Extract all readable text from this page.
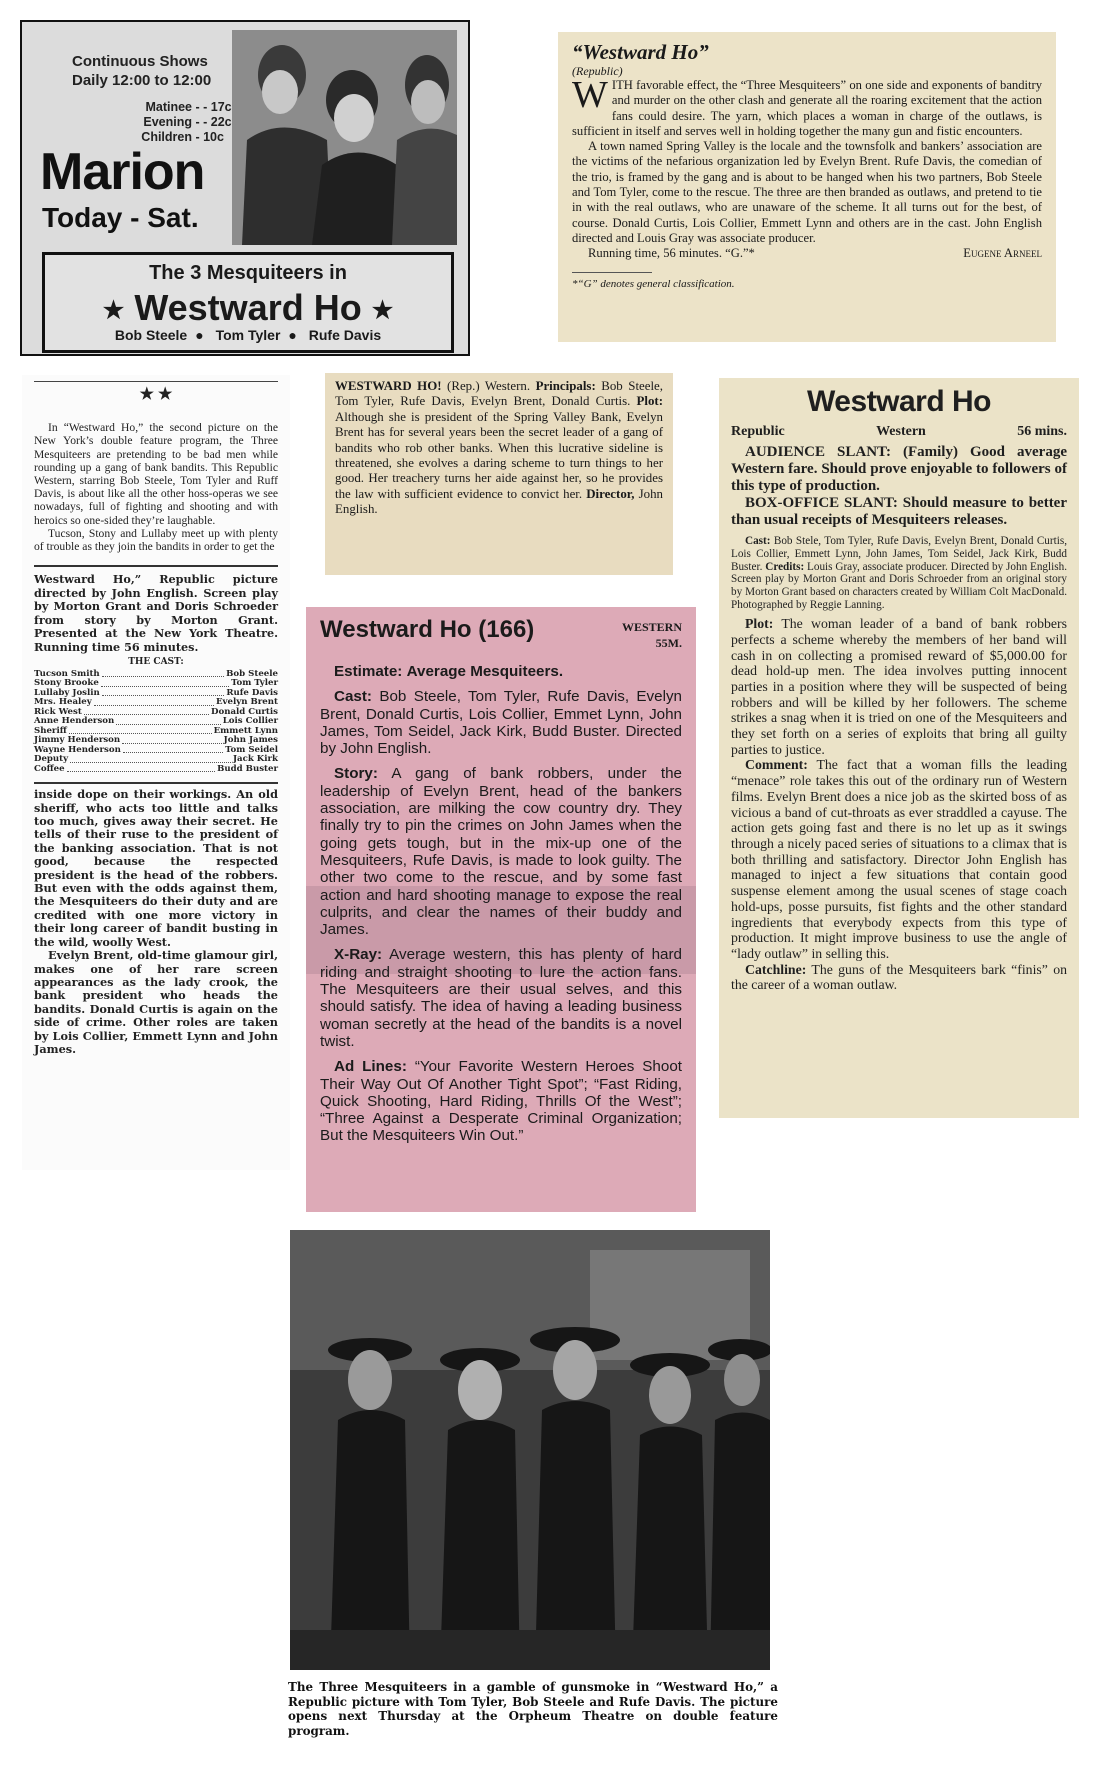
Continuous Shows
Daily 12:00 to 12:00
Matinee - - 17c
Evening - - 22c
Children - 10c
Marion
Today - Sat.
The 3 Mesquiteers in
★ Westward Ho ★
Bob Steele ● Tom Tyler ● Rufe Davis
“Westward Ho”
(Republic)

WITH favorable effect, the “Three Mesquiteers” on one side and exponents of banditry and murder on the other clash and generate all the roaring excitement that the action fans could desire. The yarn, which places a woman in charge of the outlaws, is sufficient in itself and serves well in holding together the many gun and fistic encounters.

A town named Spring Valley is the locale and the townsfolk and bankers’ association are the victims of the nefarious organization led by Evelyn Brent. Rufe Davis, the comedian of the trio, is framed by the gang and is about to be hanged when his two partners, Bob Steele and Tom Tyler, come to the rescue. The three are then branded as outlaws, and pretend to tie in with the real outlaws, who are unaware of the scheme. It all turns out for the best, of course. Donald Curtis, Lois Collier, Emmett Lynn and others are in the cast. John English directed and Louis Gray was associate producer.

Running time, 56 minutes. “G.”*	Eugene Arneel

*“G” denotes general classification.
★ ★

In “Westward Ho,” the second picture on the New York’s double feature program, the Three Mesquiteers are pretending to be bad men while rounding up a gang of bank bandits. This Republic Western, starring Bob Steele, Tom Tyler and Ruff Davis, is about like all the other hoss-operas we see nowadays, full of fighting and shooting and with heroics so one-sided they’re laughable.

Tucson, Stony and Lullaby meet up with plenty of trouble as they join the bandits in order to get the

Westward Ho,” Republic picture directed by John English. Screen play by Morton Grant and Doris Schroeder from story by Morton Grant. Presented at the New York Theatre. Running time 56 minutes.

THE CAST:
Tucson Smith	Bob Steele
Stony Brooke	Tom Tyler
Lullaby Joslin	Rufe Davis
Mrs. Healey	Evelyn Brent
Rick West	Donald Curtis
Anne Henderson	Lois Collier
Sheriff	Emmett Lynn
Jimmy Henderson	John James
Wayne Henderson	Tom Seidel
Deputy	Jack Kirk
Coffee	Budd Buster

inside dope on their workings. An old sheriff, who acts too little and talks too much, gives away their secret. He tells of their ruse to the president of the banking association. That is not good, because the respected president is the head of the robbers. But even with the odds against them, the Mesquiteers do their duty and are credited with one more victory in their long career of bandit busting in the wild, woolly West.

Evelyn Brent, old-time glamour girl, makes one of her rare screen appearances as the lady crook, the bank president who heads the bandits. Donald Curtis is again on the side of crime. Other roles are taken by Lois Collier, Emmett Lynn and John James.

WESTWARD HO! (Rep.) Western. Principals: Bob Steele, Tom Tyler, Rufe Davis, Evelyn Brent, Donald Curtis. Plot: Although she is president of the Spring Valley Bank, Evelyn Brent has for several years been the secret leader of a gang of bandits who rob other banks. When this lucrative sideline is threatened, she evolves a daring scheme to turn things to her good. Her treachery turns her aide against her, so he provides the law with sufficient evidence to convict her. Director, John English.

Westward Ho (166)	WESTERN
55M.

Estimate: Average Mesquiteers.

Cast: Bob Steele, Tom Tyler, Rufe Davis, Evelyn Brent, Donald Curtis, Lois Collier, Emmet Lynn, John James, Tom Seidel, Jack Kirk, Budd Buster. Directed by John English.

Story: A gang of bank robbers, under the leadership of Evelyn Brent, head of the bankers association, are milking the cow country dry. They finally try to pin the crimes on John James when the going gets tough, but in the mix-up one of the Mesquiteers, Rufe Davis, is made to look guilty. The other two come to the rescue, and by some fast action and hard shooting manage to expose the real culprits, and clear the names of their buddy and James.

X-Ray: Average western, this has plenty of hard riding and straight shooting to lure the action fans. The Mesquiteers are their usual selves, and this should satisfy. The idea of having a leading business woman secretly at the head of the bandits is a novel twist.

Ad Lines: “Your Favorite Western Heroes Shoot Their Way Out Of Another Tight Spot”; “Fast Riding, Quick Shooting, Hard Riding, Thrills Of the West”; “Three Against a Desperate Criminal Organization; But the Mesquiteers Win Out.”

Westward Ho
Republic	Western	56 mins.

AUDIENCE SLANT: (Family) Good average Western fare. Should prove enjoyable to followers of this type of production.

BOX-OFFICE SLANT: Should measure to better than usual receipts of Mesquiteers releases.

Cast: Bob Stele, Tom Tyler, Rufe Davis, Evelyn Brent, Donald Curtis, Lois Collier, Emmett Lynn, John James, Tom Seidel, Jack Kirk, Budd Buster. Credits: Louis Gray, associate producer. Directed by John English. Screen play by Morton Grant and Doris Schroeder from an original story by Morton Grant based on characters created by William Colt MacDonald. Photographed by Reggie Lanning.

Plot: The woman leader of a band of bank robbers perfects a scheme whereby the members of her band will cash in on collecting a promised reward of $5,000.00 for dead hold-up men. The idea involves putting innocent parties in a position where they will be suspected of being robbers and will be killed by her followers. The scheme strikes a snag when it is tried on one of the Mesquiteers and they set forth on a series of exploits that bring all guilty parties to justice.

Comment: The fact that a woman fills the leading “menace” role takes this out of the ordinary run of Western films. Evelyn Brent does a nice job as the skirted boss of as vicious a band of cut-throats as ever straddled a cayuse. The action gets going fast and there is no let up as it swings through a nicely paced series of situations to a climax that is both thrilling and satisfactory. Director John English has managed to inject a few situations that contain good suspense element among the usual scenes of stage coach hold-ups, posse pursuits, fist fights and the other standard ingredients that everybody expects from this type of production. It might improve business to use the angle of “lady outlaw” in selling this.

Catchline: The guns of the Mesquiteers bark “finis” on the career of a woman outlaw.

The Three Mesquiteers in a gamble of gunsmoke in “Westward Ho,” a Republic picture with Tom Tyler, Bob Steele and Rufe Davis. The picture opens next Thursday at the Orpheum Theatre on double feature program.
